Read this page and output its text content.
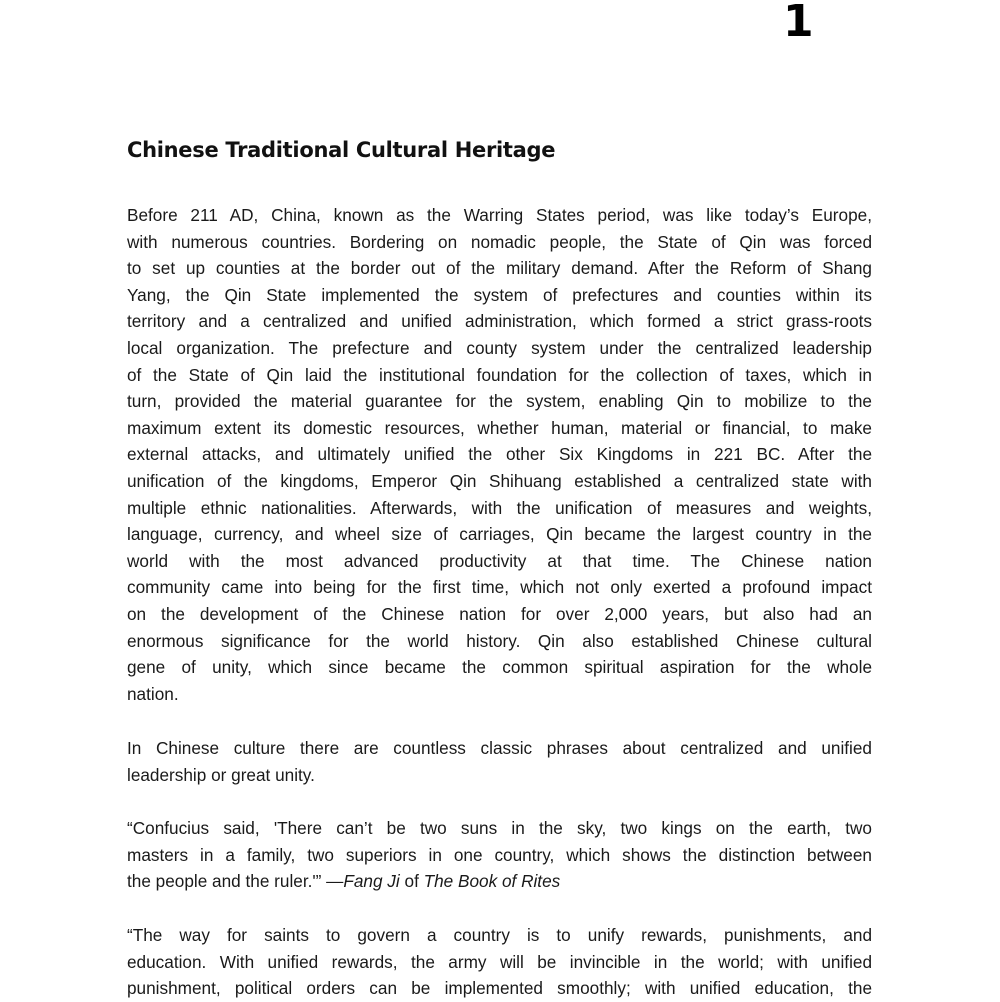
1
Chinese Traditional Cultural Heritage
Before 211 AD, China, known as the Warring States period, was like today’s Europe,
with numerous countries. Bordering on nomadic people, the State of Qin was forced
to set up counties at the border out of the military demand. After the Reform of Shang
Yang, the Qin State implemented the system of prefectures and counties within its
territory and a centralized and unified administration, which formed a strict grass-roots
local organization. The prefecture and county system under the centralized leadership
of the State of Qin laid the institutional foundation for the collection of taxes, which in
turn, provided the material guarantee for the system, enabling Qin to mobilize to the
maximum extent its domestic resources, whether human, material or financial, to make
external attacks, and ultimately unified the other Six Kingdoms in 221 BC. After the
unification of the kingdoms, Emperor Qin Shihuang established a centralized state with
multiple ethnic nationalities. Afterwards, with the unification of measures and weights,
language, currency, and wheel size of carriages, Qin became the largest country in the
world with the most advanced productivity at that time. The Chinese nation
community came into being for the first time, which not only exerted a profound impact
on the development of the Chinese nation for over 2,000 years, but also had an
enormous significance for the world history. Qin also established Chinese cultural
gene of unity, which since became the common spiritual aspiration for the whole
nation.
In Chinese culture there are countless classic phrases about centralized and unified
leadership or great unity.
“Confucius said, 'There can’t be two suns in the sky, two kings on the earth, two
masters in a family, two superiors in one country, which shows the distinction between
the people and the ruler.'” —Fang Ji of The Book of Rites
“The way for saints to govern a country is to unify rewards, punishments, and
education. With unified rewards, the army will be invincible in the world; with unified
punishment, political orders can be implemented smoothly; with unified education, the
